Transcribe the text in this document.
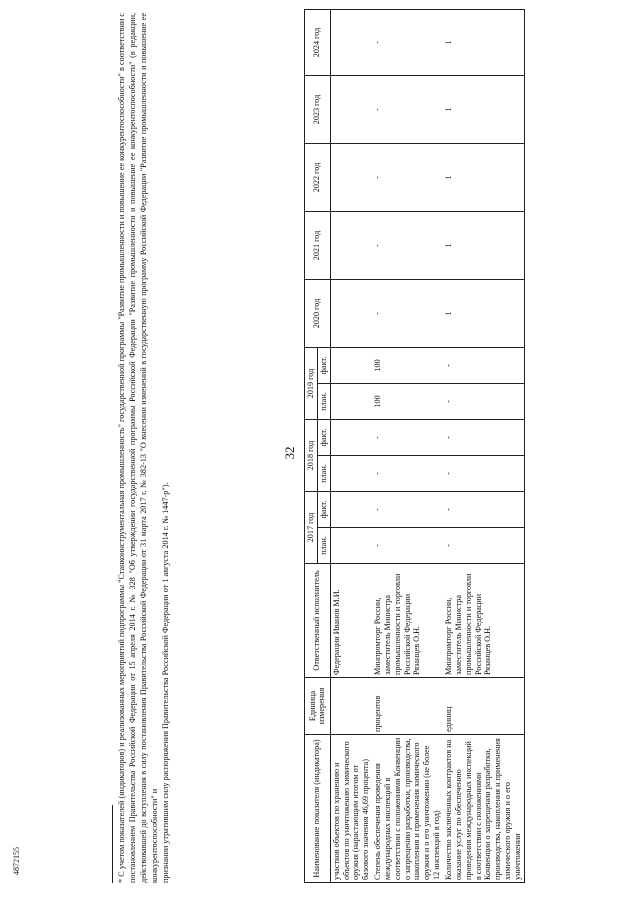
32
Наименование показателя (индикатора)	Единица измерения	Ответственный исполнитель	2017 год		2018 год		2019 год		2020 год	2021 год	2022 год	2023 год	2024 год
			план.	факт.	план.	факт.	план.	факт.					
участков объектов по хранению и объектов по уничтожению химического оружия (нарастающим итогом от базового значения 46,69 процента)		Федерации Иванов М.И.											
Степень обеспечения проведения международных инспекций в соответствии с положениями Конвенции о запрещении разработки, производства, накопления и применения химического оружия и о его уничтожении (не более 12 инспекций в год)	процентов	Минпромторг России, заместитель Министра промышленности и торговли Российской Федерации Рязанцев О.Н.	-	-	-	-	100	100	-	-	-	-	-
Количество заключенных контрактов на оказание услуг по обеспечению проведения международных инспекций в соответствии с положениями Конвенции о запрещении разработки, производства, накопления и применения химического оружия и о его уничтожении	единиц	Минпромторг России, заместитель Министра промышленности и торговли Российской Федерации Рязанцев О.Н.	-	-	-	-	-	-	1	1	1	1	1

* С учетом показателей (индикаторов) и реализованных мероприятий подпрограммы "Станкоинструментальная промышленность" государственной программы "Развитие промышленности и повышение ее конкурентоспособности" в соответствии с постановлением Правительства Российской Федерации от 15 апреля 2014 г. № 328 "Об утверждении государственной программы Российской Федерации "Развитие промышленности и повышение ее конкурентоспособности" (в редакции, действовавшей до вступления в силу постановления Правительства Российской Федерации от 31 марта 2017 г. № 382-13 "О внесении изменений в государственную программу Российской Федерации "Развитие промышленности и повышение ее конкурентоспособности" и признании утратившим силу распоряжения Правительства Российской Федерации от 1 августа 2014 г. № 1447-р").

4872155
